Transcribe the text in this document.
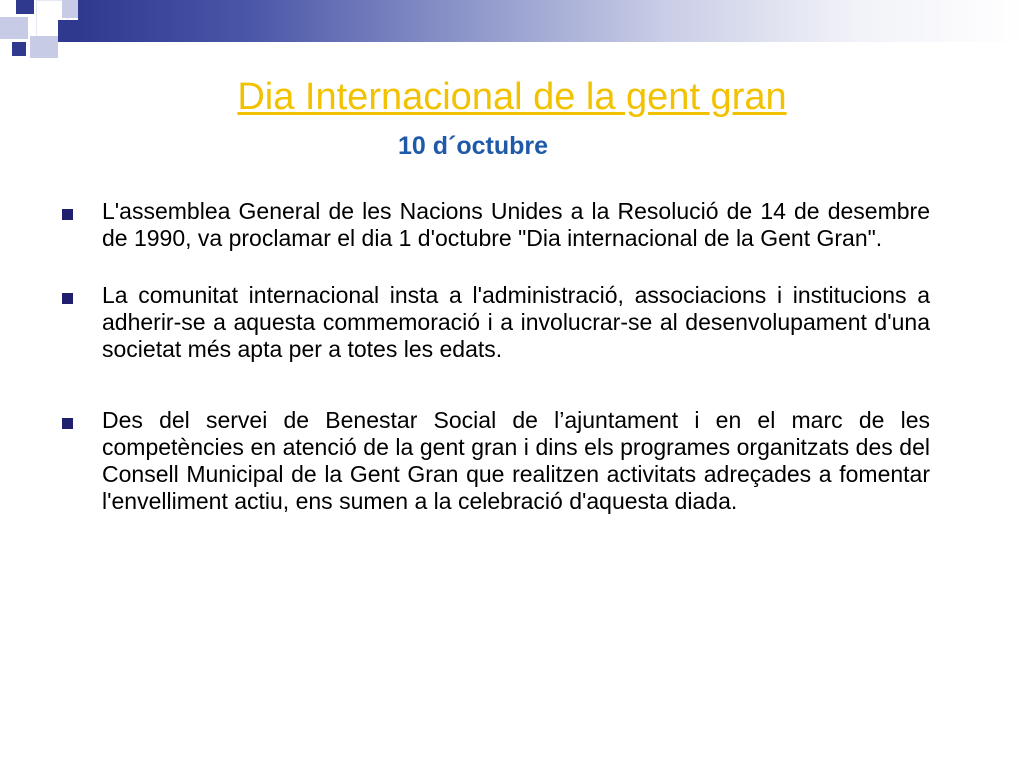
Dia Internacional de la gent gran
10 d´octubre

L'assemblea General de les Nacions Unides a la Resolució de 14 de desembre de 1990, va proclamar el dia 1 d'octubre "Dia internacional de la Gent Gran".

La comunitat internacional insta a l'administració, associacions i institucions a adherir-se a aquesta commemoració i a involucrar-se al desenvolupament d'una societat més apta per a totes les edats.

Des del servei de Benestar Social de l’ajuntament i en el marc de les competències en atenció de la gent gran i dins els programes organitzats des del Consell Municipal de la Gent Gran que realitzen activitats adreçades a fomentar l'envelliment actiu, ens sumen a la celebració d'aquesta diada.
